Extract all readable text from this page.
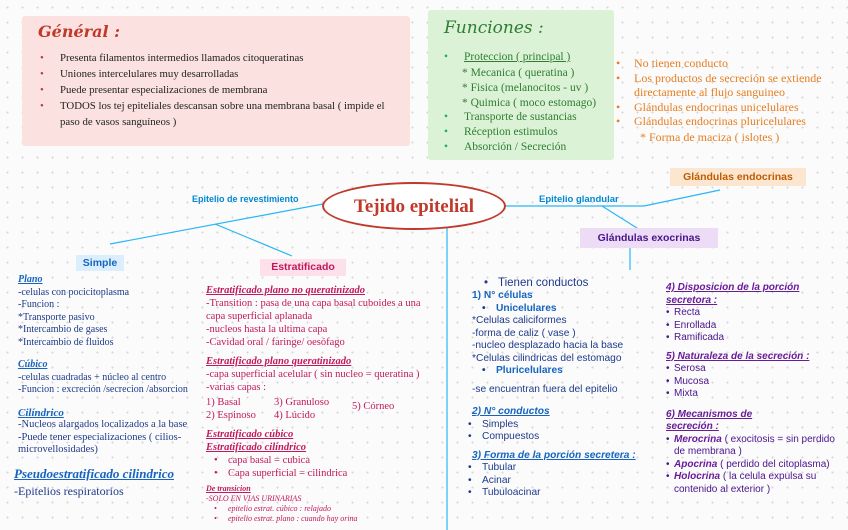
Général :
• Presenta filamentos intermedios llamados citoqueratinas
• Uniones intercelulares muy desarrolladas
• Puede presentar especializaciones de membrana
• TODOS los tej epiteliales descansan sobre una membrana basal ( impide el paso de vasos sanguíneos )
Funciones :
• Proteccion ( principal )
* Mecanica ( queratina )
* Fisica (melanocitos - uv )
* Quimica ( moco estomago)
• Transporte de sustancias
• Réception estimulos
• Absorción / Secreción
• No tienen conducto
• Los productos de secreción se extiende directamente al flujo sanguineo
• Glándulas endocrinas unicelulares
• Glándulas endocrinas pluricelulares
* Forma de maciza ( islotes )
Tejido epitelial
Epitelio de revestimiento	Epitelio glandular
Glándulas endocrinas
Glándulas exocrinas
Simple
Plano
-celulas con pocicitoplasma
-Funcion :
*Transporte pasivo
*Intercambio de gases
*Intercambio de fluidos
Cúbico
-celulas cuadradas + núcleo al centro
-Funcion : excreción /secrecion /absorcion
Cilíndrico
-Nucleos alargados localizados a la base
-Puede tener especializaciones ( cilios-microvellosidades)
Pseudoestratificado cilindrico
-Epitelios respiratorios
Estratificado
Estratificado plano no queratinizado
-Transition : pasa de una capa basal cuboides a una capa superficial aplanada
-nucleos hasta la ultima capa
-Cavidad oral / faringe/ oesófago
Estratificado plano queratinizado
-capa superficial acelular ( sin nucleo = queratina )
-varias capas :
1) Basal
2) Espinoso
3) Granuloso
4) Lúcido
5) Córneo
Estratificado cúbico
Estratificado cilíndrico
• capa basal = cubica
• Capa superficial = cilindrica
De transicion
-SOLO EN VIAS URINARIAS
• epitelio estrat. cúbico : relajado
• epitelio estrat. plano : cuando hay orina
• Tienen conductos
1) N° células
• Unicelulares
*Celulas caliciformes
-forma de caliz ( vase )
-nucleo desplazado hacia la base
*Celulas cilindricas del estomago
• Pluricelulares
-se encuentran fuera del epitelio
2) N° conductos
• Simples
• Compuestos
3) Forma de la porción secretera :
• Tubular
• Acinar
• Tubuloacinar
4) Disposicion de la porción secretora :
• Recta
• Enrollada
• Ramificada
5) Naturaleza de la secreción :
• Serosa
• Mucosa
• Mixta
6) Mecanismos de secreción :
• Merocrina ( exocitosis = sin perdido de membrana )
• Apocrina ( perdido del citoplasma)
• Holocrina ( la celula expulsa su contenido al exterior )
